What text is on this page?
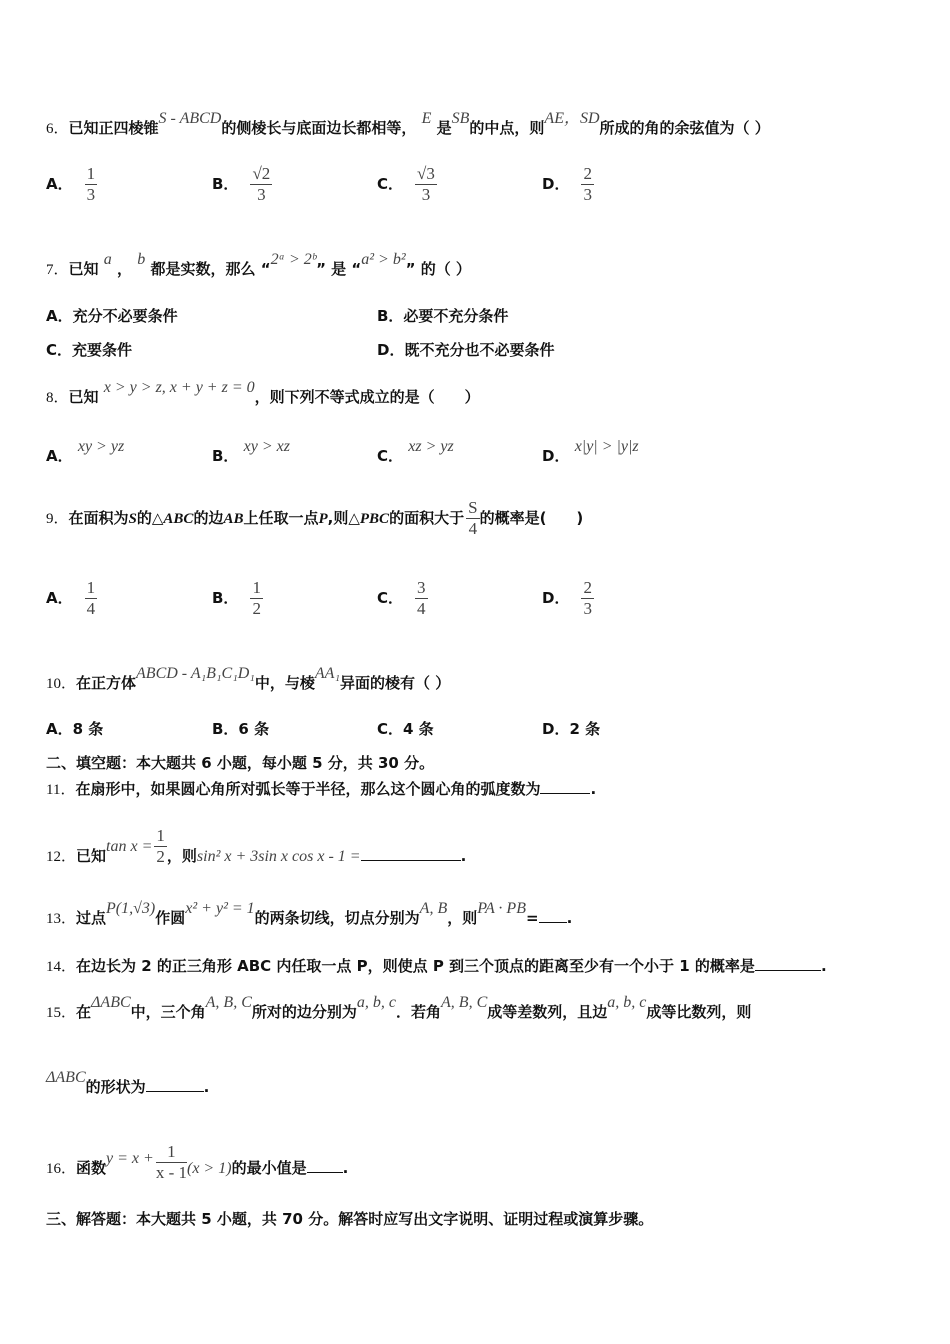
6．已知正四棱锥S - ABCD的侧棱长与底面边长都相等， E 是SB的中点，则AE，SD所成的角的余弦值为（ ）
A． $\frac{1}{3}$	B． $\frac{√2}{3}$	C． $\frac{√3}{3}$	D． $\frac{2}{3}$
7．已知 a ， b 都是实数，那么 “2ᵃ > 2ᵇ” 是 “a² > b²” 的（ ）
A．充分不必要条件	B．必要不充分条件
C．充要条件	D．既不充分也不必要条件
8．已知 x > y > z, x + y + z = 0，则下列不等式成立的是（　　）
A． xy > yz
B． xy > xz
C． xz > yz
D． x|y| > |y|z
9．在面积为S的△ABC的边AB上任取一点P,则△PBC的面积大于 $\frac{S}{4}$ 的概率是(　　)
A． $\frac{1}{4}$	B． $\frac{1}{2}$	C． $\frac{3}{4}$	D． $\frac{2}{3}$
10．在正方体ABCD - A₁B₁C₁D₁中，与棱AA₁异面的棱有（ ）
A．8 条	B．6 条	C．4 条	D．2 条
二、填空题：本大题共 6 小题，每小题 5 分，共 30 分。
11．在扇形中，如果圆心角所对弧长等于半径，那么这个圆心角的弧度数为	.
12．已知$\tan x = \frac{1}{2}$ ，则sin² x + 3sin x cos x - 1 =	.
13．过点P(1,√3)作圆x² + y² = 1的两条切线，切点分别为A, B，则PA · PB= .
14．在边长为 2 的正三角形 ABC 内任取一点 P，则使点 P 到三个顶点的距离至少有一个小于 1 的概率是	.
15．在ΔABC中，三个角A, B, C所对的边分别为a, b, c．若角A, B, C成等差数列，且边a, b, c成等比数列，则
ΔABC的形状为	.
16．函数$y = x + \frac{1}{x - 1} (x > 1)$的最小值是 .
三、解答题：本大题共 5 小题，共 70 分。解答时应写出文字说明、证明过程或演算步骤。
